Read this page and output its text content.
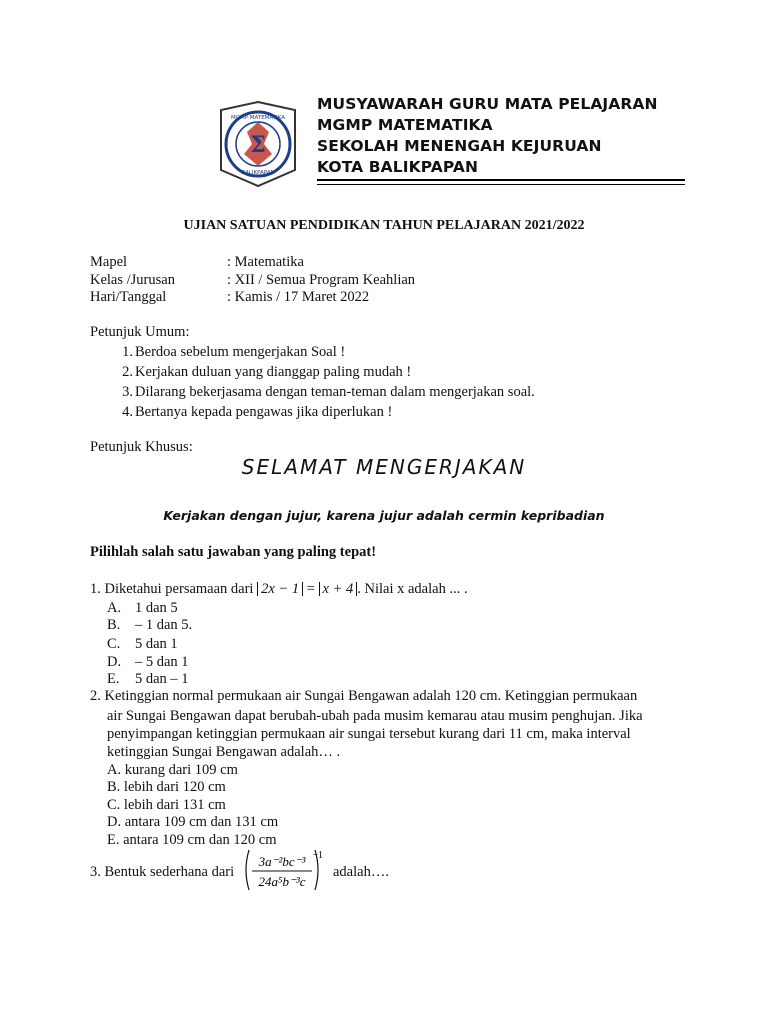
Σ
MGMP MATEMATIKA
BALIKPAPAN
MUSYAWARAH GURU MATA PELAJARAN
MGMP MATEMATIKA
SEKOLAH MENENGAH KEJURUAN
KOTA BALIKPAPAN
UJIAN SATUAN PENDIDIKAN TAHUN PELAJARAN 2021/2022
Mapel	: Matematika
Kelas /Jurusan	: XII / Semua Program Keahlian
Hari/Tanggal	: Kamis / 17 Maret 2022
Petunjuk Umum:
1. Berdoa sebelum mengerjakan Soal !
2. Kerjakan duluan yang dianggap paling mudah !
3. Dilarang bekerjasama dengan teman-teman dalam mengerjakan soal.
4. Bertanya kepada pengawas jika diperlukan !
Petunjuk Khusus:
SELAMAT MENGERJAKAN
Kerjakan dengan jujur, karena jujur adalah cermin kepribadian
Pilihlah salah satu jawaban yang paling tepat!
1. Diketahui persamaan dari 2x − 1 = x + 4 . Nilai x adalah ... .
A. 1 dan 5
B.	– 1 dan 5.
C.	5 dan 1
D. – 5 dan 1
E.	5 dan – 1
2. Ketinggian normal permukaan air Sungai Bengawan adalah 120 cm. Ketinggian permukaan
air Sungai Bengawan dapat berubah-ubah pada musim kemarau atau musim penghujan. Jika
penyimpangan ketinggian permukaan air sungai tersebut kurang dari 11 cm, maka interval
ketinggian Sungai Bengawan adalah… .
A. kurang dari 109 cm
B. lebih dari 120 cm
C. lebih dari 131 cm
D. antara 109 cm dan 131 cm
E. antara 109 cm dan 120 cm
3. Bentuk sederhana dari
3a⁻²bc⁻³
24a⁵b⁻³c
−1
adalah….
